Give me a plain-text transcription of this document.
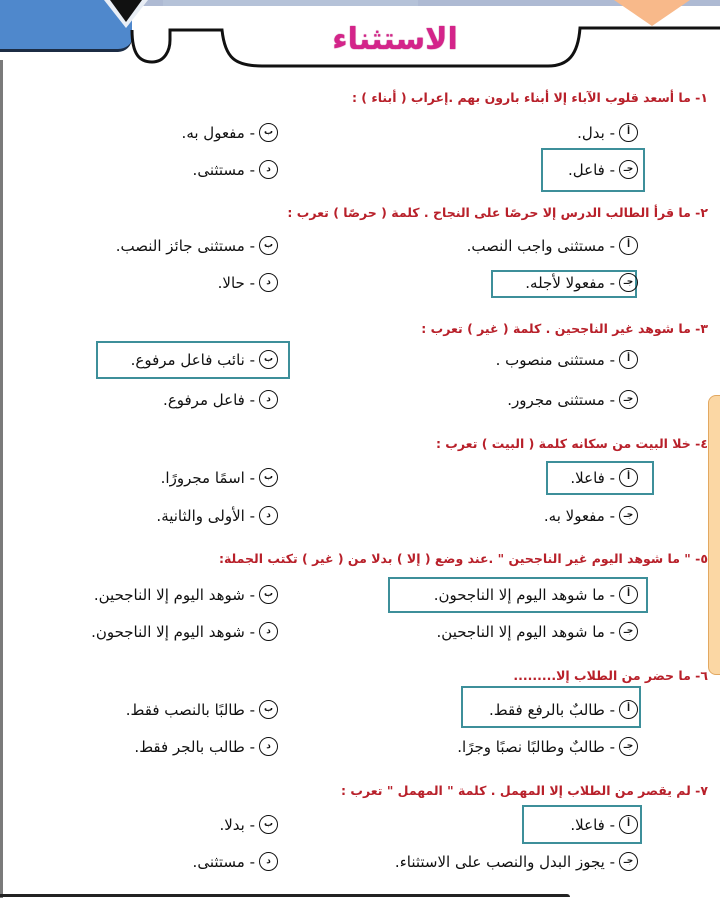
الاستثناء
١- ما أسعد قلوب الآباء إلا أبناء بارون بهم .إعراب ( أبناء ) :
أ
- بدل.
ب
- مفعول به.
جـ
- فاعل.
د
- مستثنى.
٢- ما قرأ الطالب الدرس إلا حرصًا على النجاح . كلمة ( حرصًا ) تعرب :
أ
- مستثنى واجب النصب.
ب
- مستثنى جائز النصب.
جـ
- مفعولا لأجله.
د
- حالا.
٣- ما شوهد غير الناجحين . كلمة ( غير ) تعرب :
أ
- مستثنى منصوب .
ب
- نائب فاعل مرفوع.
جـ
- مستثنى مجرور.
د
- فاعل مرفوع.
٤- خلا البيت من سكانه كلمة ( البيت ) تعرب :
أ
- فاعلا.
ب
- اسمًا مجرورًا.
جـ
- مفعولا به.
د
- الأولى والثانية.
٥- " ما شوهد اليوم غير الناجحين " .عند وضع ( إلا ) بدلا من ( غير ) تكتب الجملة:
أ
- ما شوهد اليوم إلا الناجحون.
ب
- شوهد اليوم إلا الناجحين.
جـ
- ما شوهد اليوم إلا الناجحين.
د
- شوهد اليوم إلا الناجحون.
٦- ما حضر من الطلاب إلا.........
أ
- طالبٌ بالرفع فقط.
ب
- طالبًا بالنصب فقط.
جـ
- طالبٌ وطالبًا نصبًا وجرًا.
د
- طالب بالجر فقط.
٧- لم يقصر من الطلاب إلا المهمل . كلمة " المهمل " تعرب :
أ
- فاعلا.
ب
- بدلا.
جـ
- يجوز البدل والنصب على الاستثناء.
د
- مستثنى.
